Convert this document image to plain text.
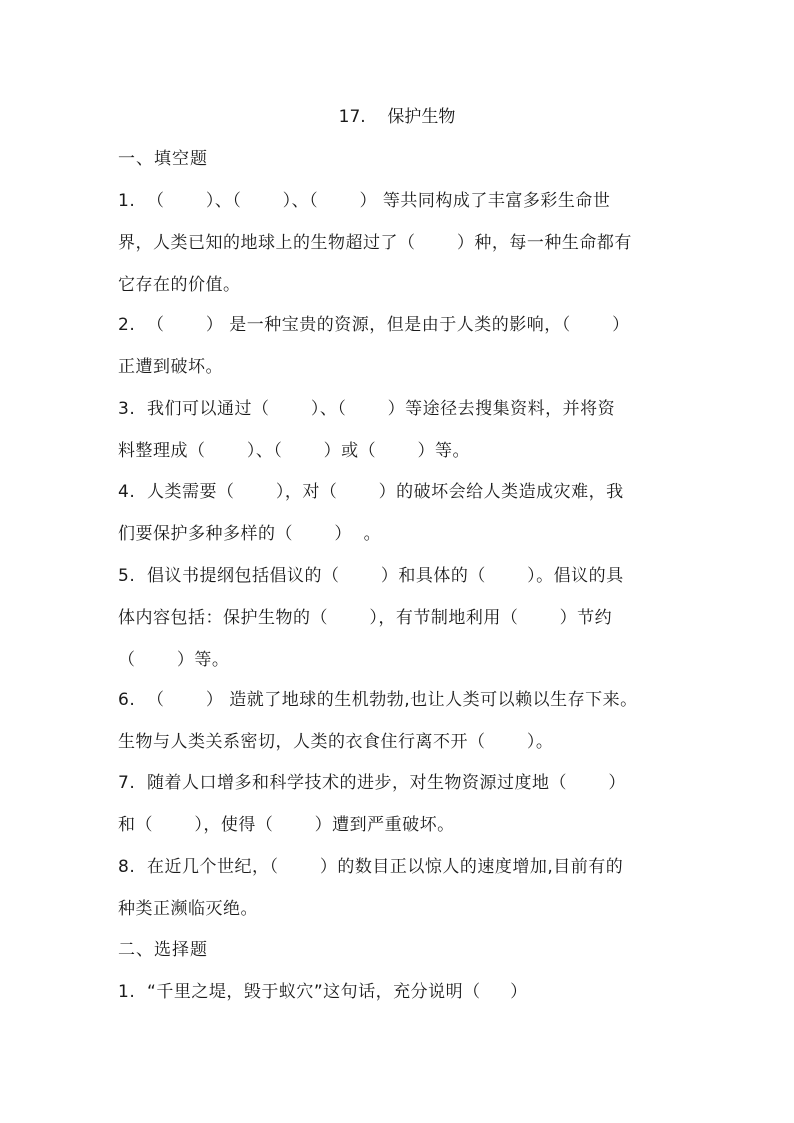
17.    保护生物
一、填空题
1.  （       ）、（       ）、（       ） 等共同构成了丰富多彩生命世
界，人类已知的地球上的生物超过了（       ）种，每一种生命都有
它存在的价值。
2.  （       ） 是一种宝贵的资源，但是由于人类的影响，（       ）
正遭到破坏。
3.  我们可以通过（       ）、（       ）等途径去搜集资料，并将资
料整理成（       ）、（       ）或（       ）等。
4.  人类需要（       ），对（       ）的破坏会给人类造成灾难，我
们要保护多种多样的（       ）  。
5.  倡议书提纲包括倡议的（       ）和具体的（       ）。倡议的具
体内容包括：保护生物的（       ），有节制地利用（       ）节约
（       ）等。
6.  （       ） 造就了地球的生机勃勃,也让人类可以赖以生存下来。
生物与人类关系密切，人类的衣食住行离不开（       ）。
7.  随着人口增多和科学技术的进步，对生物资源过度地（       ）
和（       ），使得（       ）遭到严重破坏。
8.  在近几个世纪，（       ）的数目正以惊人的速度增加,目前有的
种类正濒临灭绝。
二、选择题
1.  “千里之堤，毁于蚁穴”这句话，充分说明（     ）
